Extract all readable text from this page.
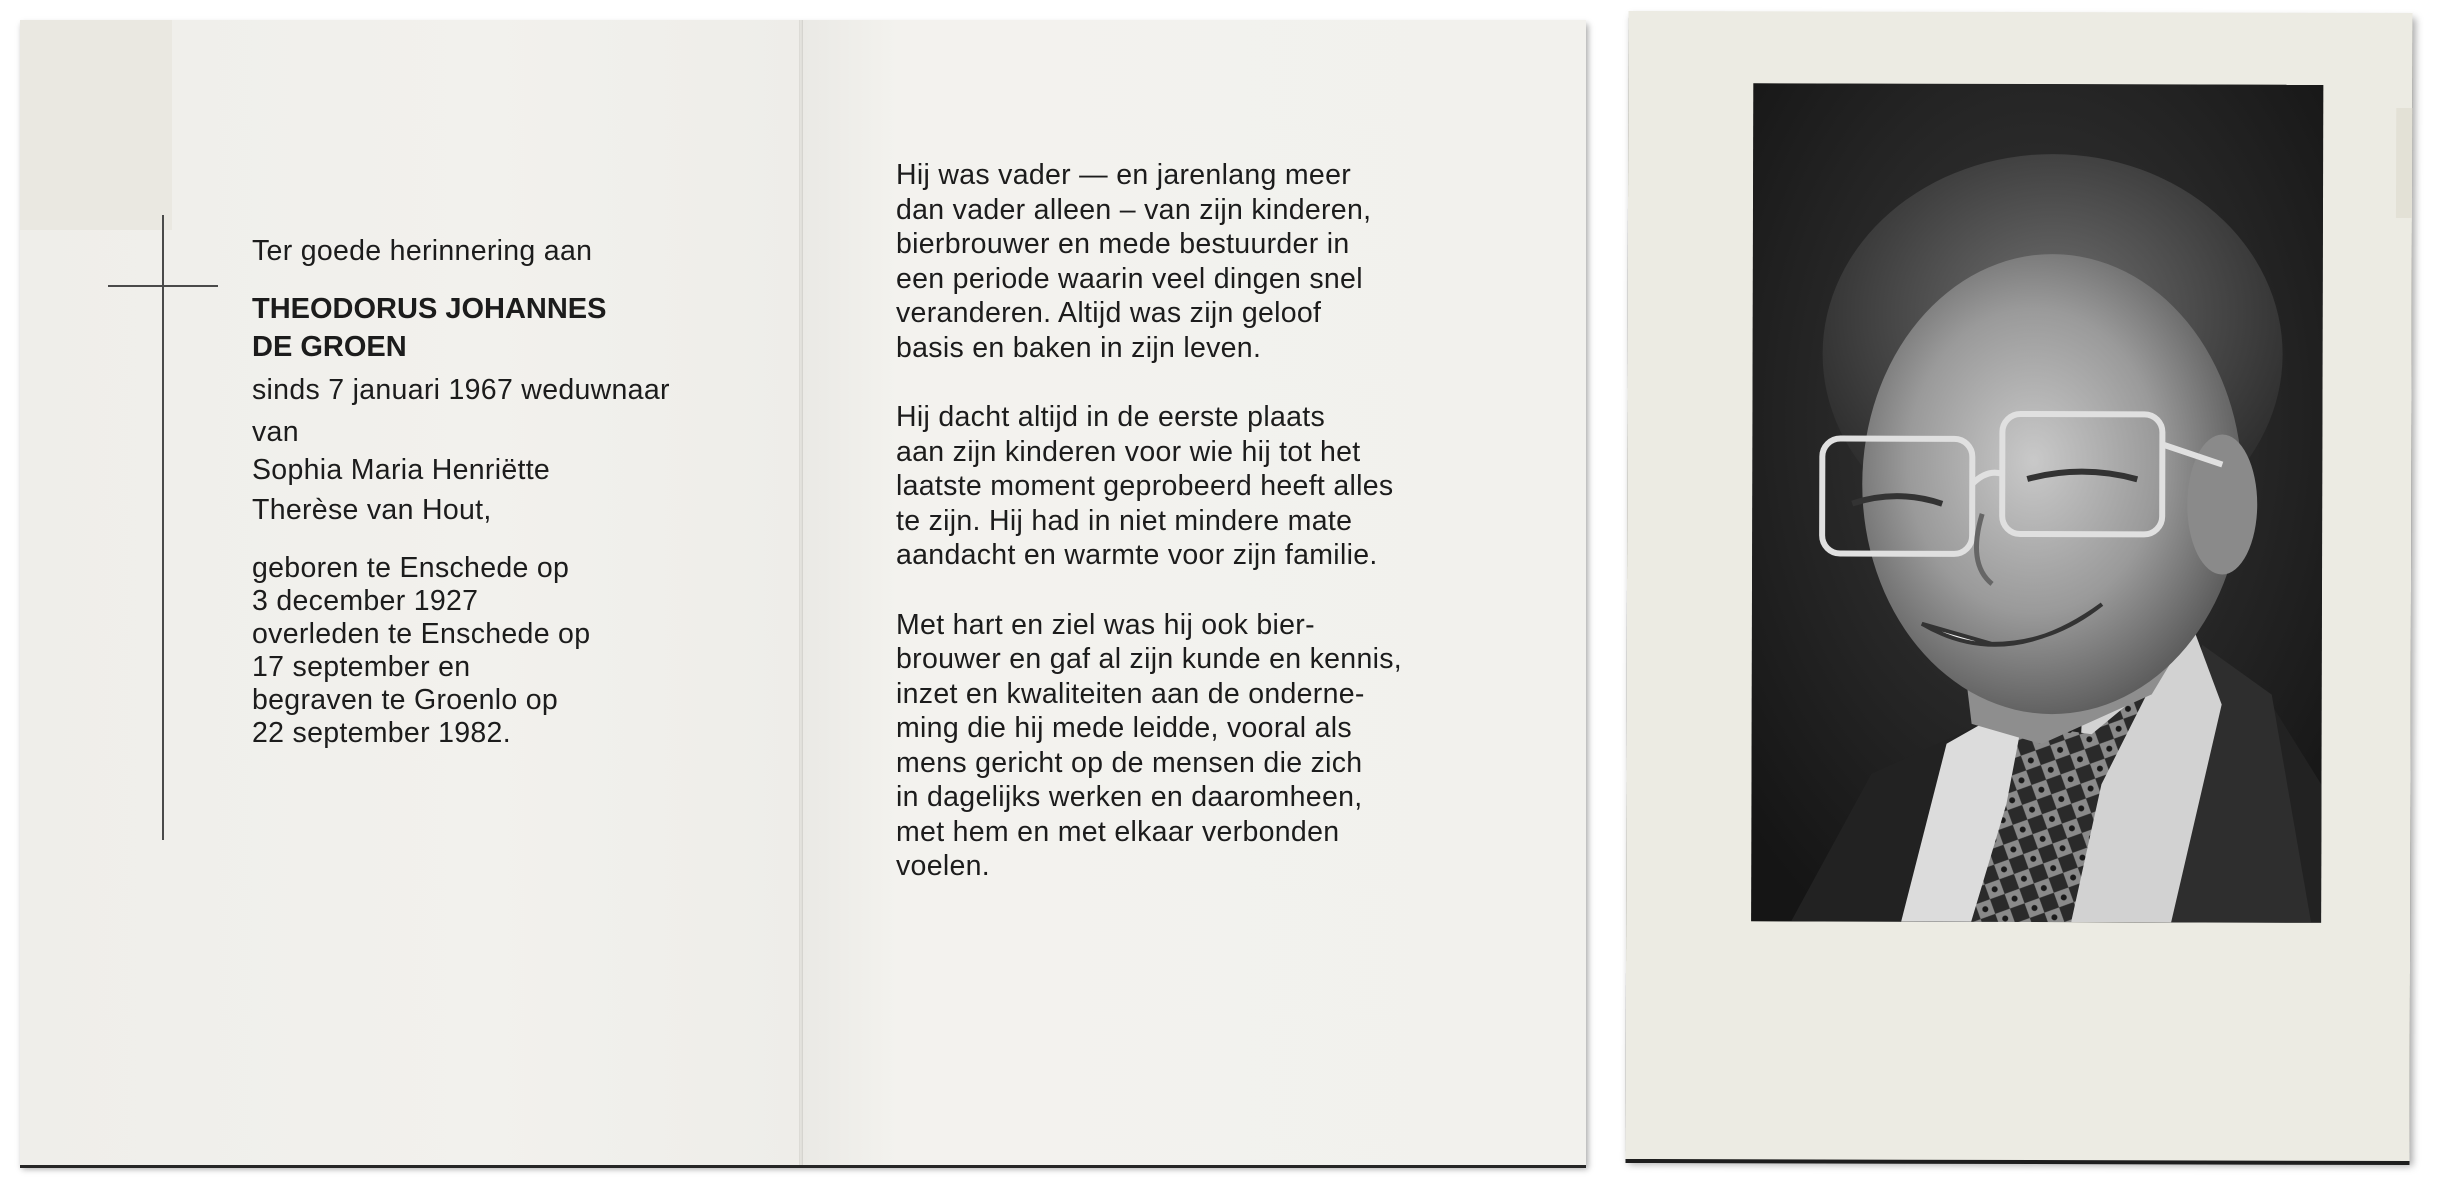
Ter goede herinnering aan

THEODORUS JOHANNES

DE GROEN

sinds 7 januari 1967 weduwnaar

van

Sophia Maria Henriëtte

Therèse van Hout,

geboren te Enschede op

3 december 1927

overleden te Enschede op

17 september en

begraven te Groenlo op

22 september 1982.

Hij was vader — en jarenlang meer
dan vader alleen – van zijn kinderen,
bierbrouwer en mede bestuurder in
een periode waarin veel dingen snel
veranderen. Altijd was zijn geloof
basis en baken in zijn leven.

Hij dacht altijd in de eerste plaats
aan zijn kinderen voor wie hij tot het
laatste moment geprobeerd heeft alles
te zijn. Hij had in niet mindere mate
aandacht en warmte voor zijn familie.

Met hart en ziel was hij ook bier-
brouwer en gaf al zijn kunde en kennis,
inzet en kwaliteiten aan de onderne-
ming die hij mede leidde, vooral als
mens gericht op de mensen die zich
in dagelijks werken en daaromheen,
met hem en met elkaar verbonden
voelen.
